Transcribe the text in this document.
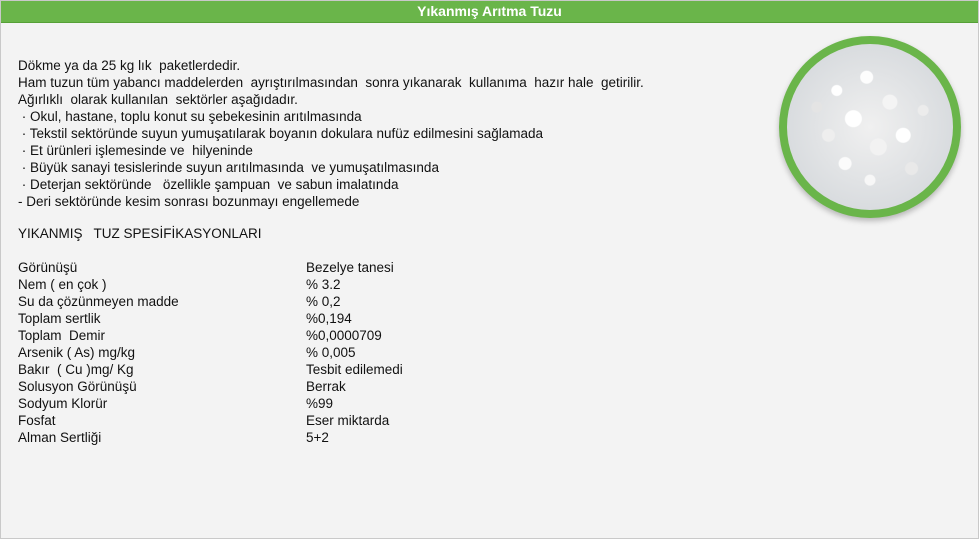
Yıkanmış Arıtma Tuzu
Dökme ya da 25 kg lık  paketlerdedir.
Ham tuzun tüm yabancı maddelerden  ayrıştırılmasından  sonra yıkanarak  kullanıma  hazır hale  getirilir.
Ağırlıklı  olarak kullanılan  sektörler aşağıdadır.
· Okul, hastane, toplu konut su şebekesinin arıtılmasında
· Tekstil sektöründe suyun yumuşatılarak boyanın dokulara nufüz edilmesini sağlamada
· Et ürünleri işlemesinde ve  hilyeninde
· Büyük sanayi tesislerinde suyun arıtılmasında  ve yumuşatılmasında
· Deterjan sektöründe   özellikle şampuan  ve sabun imalatında
- Deri sektöründe kesim sonrası bozunmayı engellemede
YIKANMIŞ   TUZ SPESİFİKASYONLARI
Görünüşü	Bezelye tanesi
Nem ( en çok )	% 3.2
Su da çözünmeyen madde	% 0,2
Toplam sertlik	%0,194
Toplam  Demir	%0,0000709
Arsenik ( As) mg/kg	% 0,005
Bakır  ( Cu )mg/ Kg	Tesbit edilemedi
Solusyon Görünüşü	Berrak
Sodyum Klorür	%99
Fosfat	Eser miktarda
Alman Sertliği	5+2
